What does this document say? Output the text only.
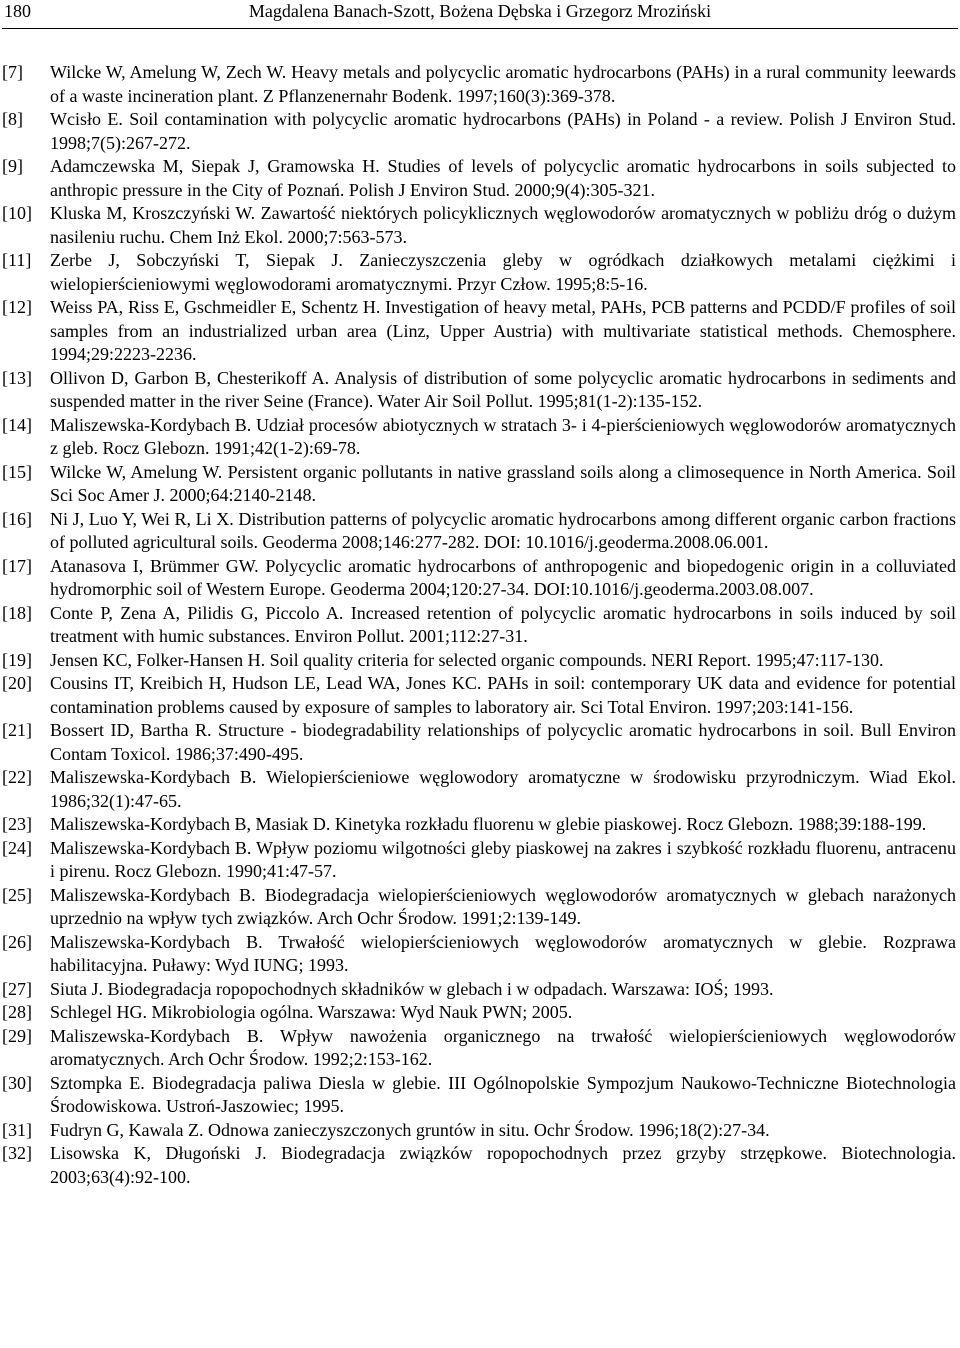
180	Magdalena Banach-Szott, Bożena Dębska i Grzegorz Mroziński
[7] Wilcke W, Amelung W, Zech W. Heavy metals and polycyclic aromatic hydrocarbons (PAHs) in a rural community leewards of a waste incineration plant. Z Pflanzenernahr Bodenk. 1997;160(3):369-378.
[8] Wcisło E. Soil contamination with polycyclic aromatic hydrocarbons (PAHs) in Poland - a review. Polish J Environ Stud. 1998;7(5):267-272.
[9] Adamczewska M, Siepak J, Gramowska H. Studies of levels of polycyclic aromatic hydrocarbons in soils subjected to anthropic pressure in the City of Poznań. Polish J Environ Stud. 2000;9(4):305-321.
[10] Kluska M, Kroszczyński W. Zawartość niektórych policyklicznych węglowodorów aromatycznych w pobliżu dróg o dużym nasileniu ruchu. Chem Inż Ekol. 2000;7:563-573.
[11] Zerbe J, Sobczyński T, Siepak J. Zanieczyszczenia gleby w ogródkach działkowych metalami ciężkimi i wielopierścieniowymi węglowodorami aromatycznymi. Przyr Człow. 1995;8:5-16.
[12] Weiss PA, Riss E, Gschmeidler E, Schentz H. Investigation of heavy metal, PAHs, PCB patterns and PCDD/F profiles of soil samples from an industrialized urban area (Linz, Upper Austria) with multivariate statistical methods. Chemosphere. 1994;29:2223-2236.
[13] Ollivon D, Garbon B, Chesterikoff A. Analysis of distribution of some polycyclic aromatic hydrocarbons in sediments and suspended matter in the river Seine (France). Water Air Soil Pollut. 1995;81(1-2):135-152.
[14] Maliszewska-Kordybach B. Udział procesów abiotycznych w stratach 3- i 4-pierścieniowych węglowodorów aromatycznych z gleb. Rocz Glebozn. 1991;42(1-2):69-78.
[15] Wilcke W, Amelung W. Persistent organic pollutants in native grassland soils along a climosequence in North America. Soil Sci Soc Amer J. 2000;64:2140-2148.
[16] Ni J, Luo Y, Wei R, Li X. Distribution patterns of polycyclic aromatic hydrocarbons among different organic carbon fractions of polluted agricultural soils. Geoderma 2008;146:277-282. DOI: 10.1016/j.geoderma.2008.06.001.
[17] Atanasova I, Brümmer GW. Polycyclic aromatic hydrocarbons of anthropogenic and biopedogenic origin in a colluviated hydromorphic soil of Western Europe. Geoderma 2004;120:27-34. DOI:10.1016/j.geoderma.2003.08.007.
[18] Conte P, Zena A, Pilidis G, Piccolo A. Increased retention of polycyclic aromatic hydrocarbons in soils induced by soil treatment with humic substances. Environ Pollut. 2001;112:27-31.
[19] Jensen KC, Folker-Hansen H. Soil quality criteria for selected organic compounds. NERI Report. 1995;47:117-130.
[20] Cousins IT, Kreibich H, Hudson LE, Lead WA, Jones KC. PAHs in soil: contemporary UK data and evidence for potential contamination problems caused by exposure of samples to laboratory air. Sci Total Environ. 1997;203:141-156.
[21] Bossert ID, Bartha R. Structure - biodegradability relationships of polycyclic aromatic hydrocarbons in soil. Bull Environ Contam Toxicol. 1986;37:490-495.
[22] Maliszewska-Kordybach B. Wielopierścieniowe węglowodory aromatyczne w środowisku przyrodniczym. Wiad Ekol. 1986;32(1):47-65.
[23] Maliszewska-Kordybach B, Masiak D. Kinetyka rozkładu fluorenu w glebie piaskowej. Rocz Glebozn. 1988;39:188-199.
[24] Maliszewska-Kordybach B. Wpływ poziomu wilgotności gleby piaskowej na zakres i szybkość rozkładu fluorenu, antracenu i pirenu. Rocz Glebozn. 1990;41:47-57.
[25] Maliszewska-Kordybach B. Biodegradacja wielopierścieniowych węglowodorów aromatycznych w glebach narażonych uprzednio na wpływ tych związków. Arch Ochr Środow. 1991;2:139-149.
[26] Maliszewska-Kordybach B. Trwałość wielopierścieniowych węglowodorów aromatycznych w glebie. Rozprawa habilitacyjna. Puławy: Wyd IUNG; 1993.
[27] Siuta J. Biodegradacja ropopochodnych składników w glebach i w odpadach. Warszawa: IOŚ; 1993.
[28] Schlegel HG. Mikrobiologia ogólna. Warszawa: Wyd Nauk PWN; 2005.
[29] Maliszewska-Kordybach B. Wpływ nawożenia organicznego na trwałość wielopierścieniowych węglowodorów aromatycznych. Arch Ochr Środow. 1992;2:153-162.
[30] Sztompka E. Biodegradacja paliwa Diesla w glebie. III Ogólnopolskie Sympozjum Naukowo-Techniczne Biotechnologia Środowiskowa. Ustroń-Jaszowiec; 1995.
[31] Fudryn G, Kawala Z. Odnowa zanieczyszczonych gruntów in situ. Ochr Środow. 1996;18(2):27-34.
[32] Lisowska K, Długoński J. Biodegradacja związków ropopochodnych przez grzyby strzępkowe. Biotechnologia. 2003;63(4):92-100.
